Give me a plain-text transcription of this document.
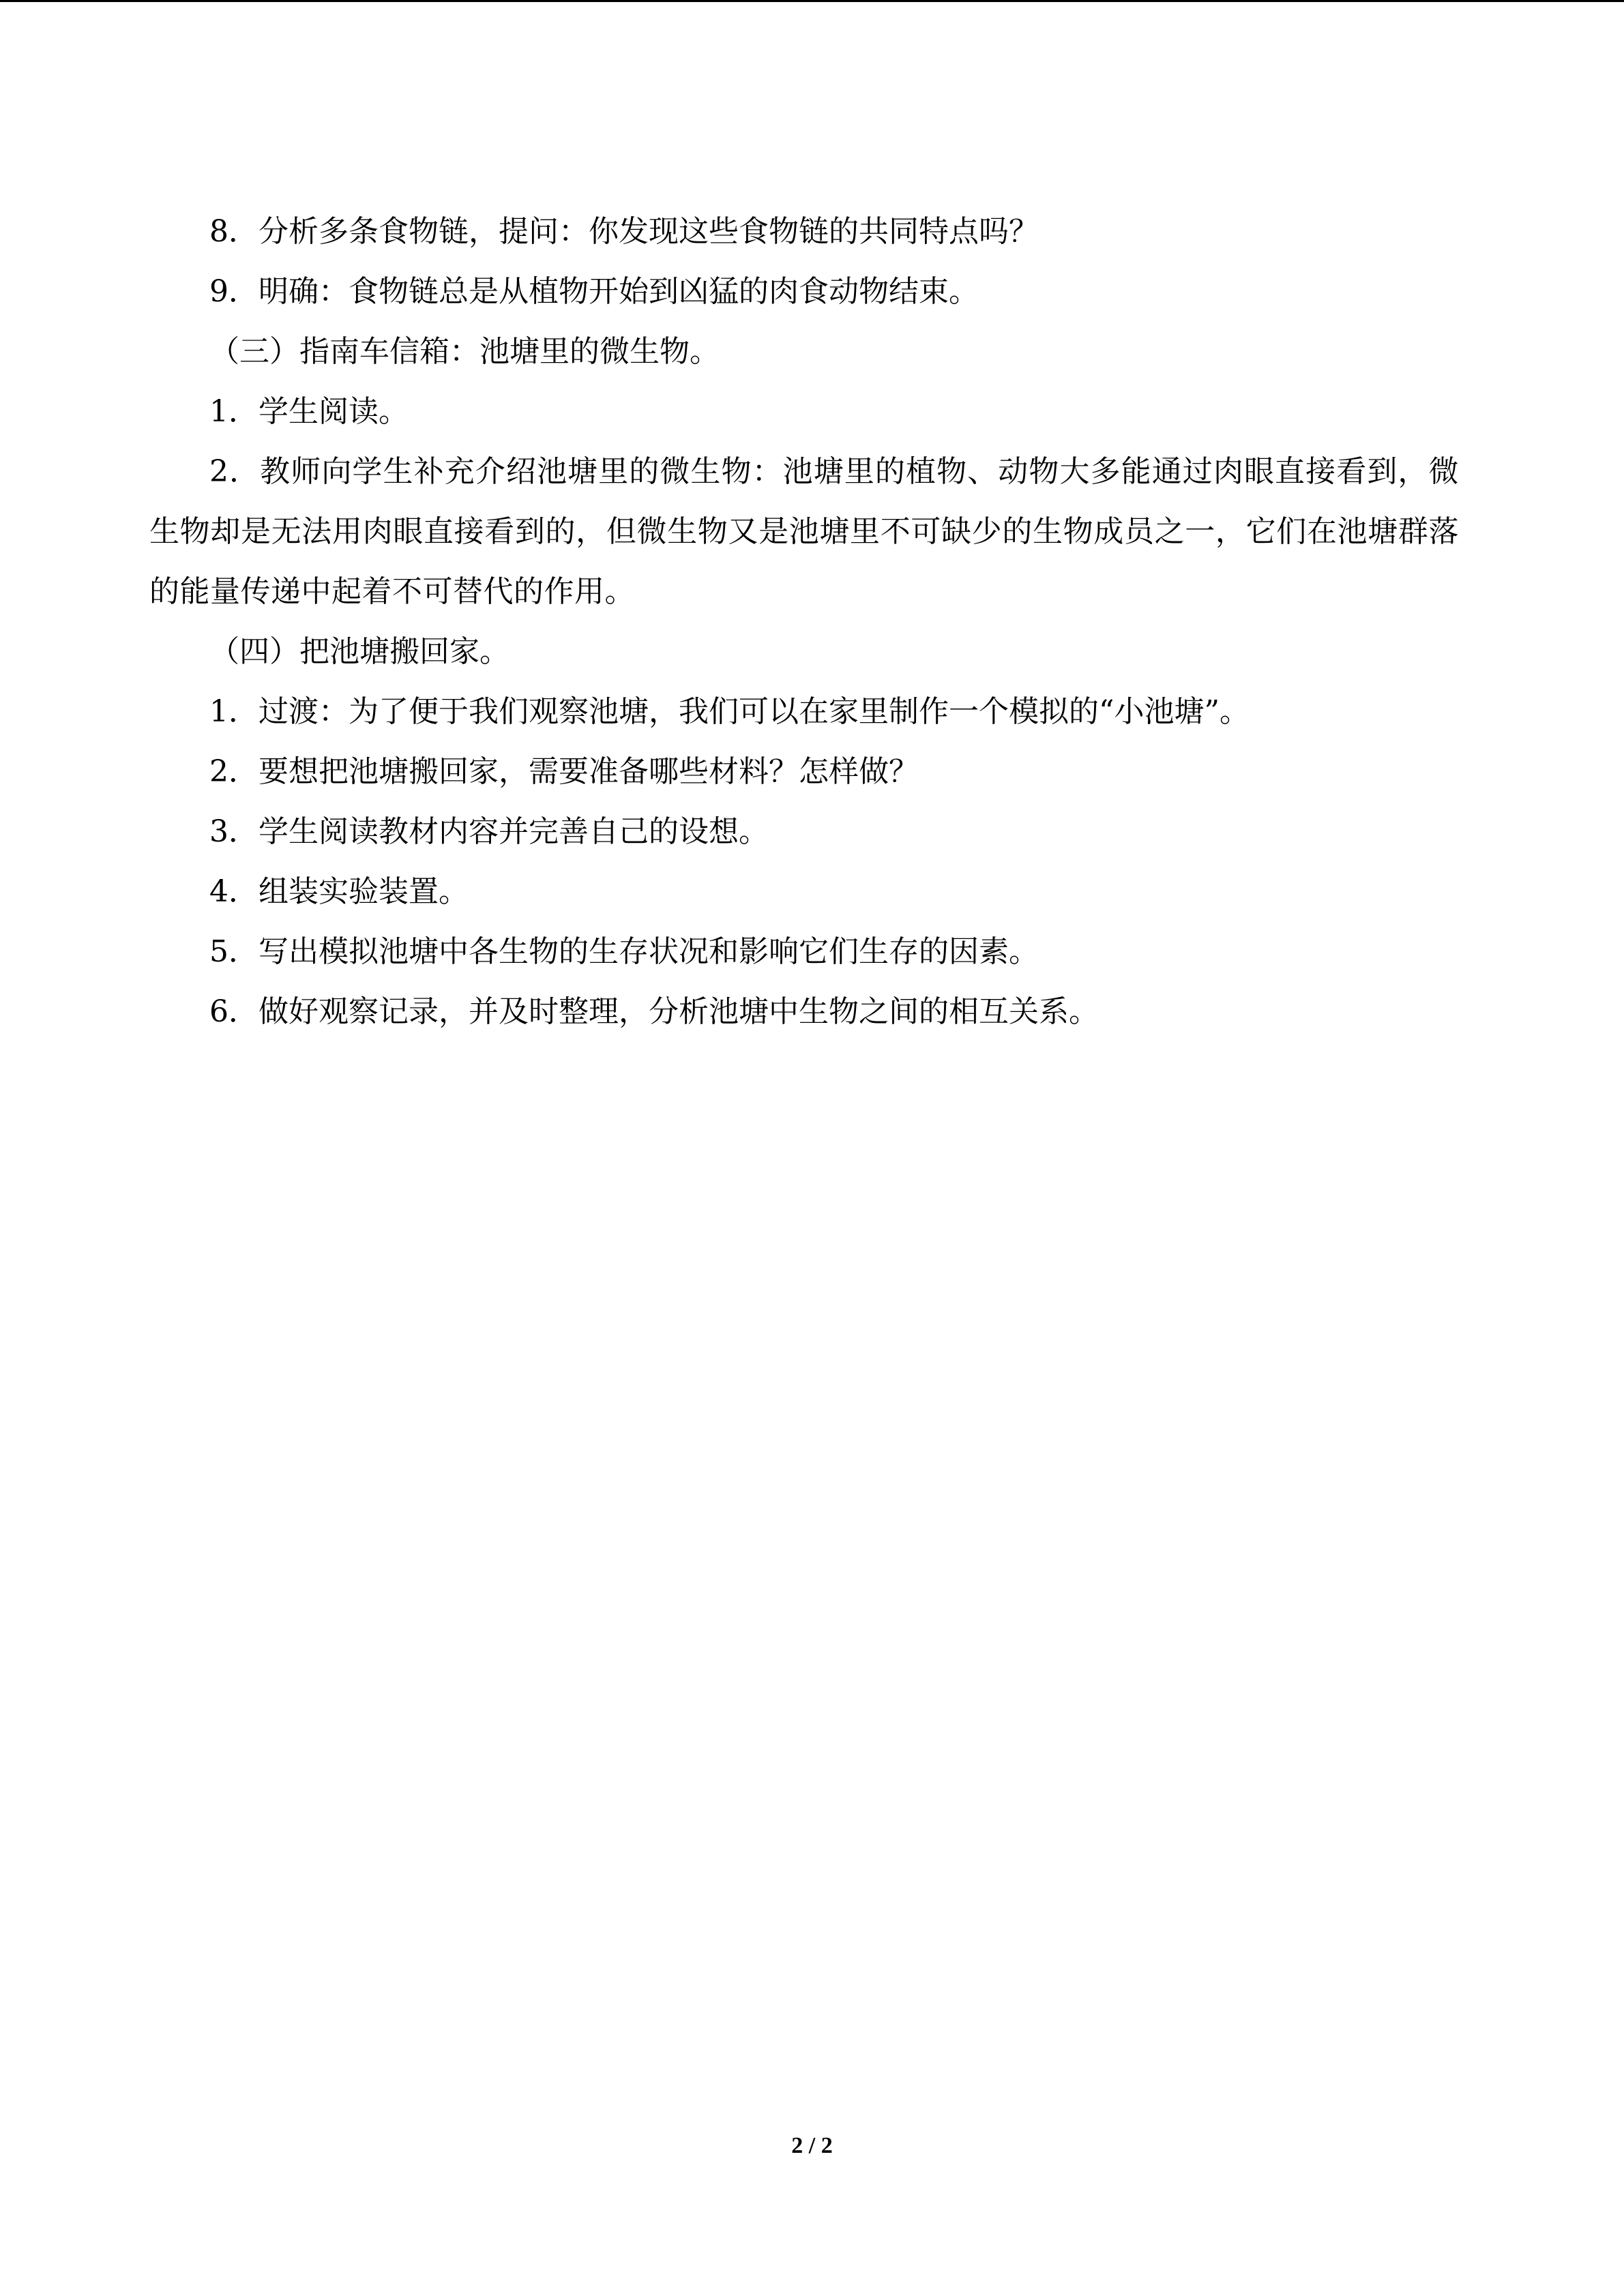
8．分析多条食物链，提问：你发现这些食物链的共同特点吗？

9．明确：食物链总是从植物开始到凶猛的肉食动物结束。

（三）指南车信箱：池塘里的微生物。

1．学生阅读。

2．教师向学生补充介绍池塘里的微生物：池塘里的植物、动物大多能通过肉眼直接看到，微生物却是无法用肉眼直接看到的，但微生物又是池塘里不可缺少的生物成员之一，它们在池塘群落的能量传递中起着不可替代的作用。

（四）把池塘搬回家。

1．过渡：为了便于我们观察池塘，我们可以在家里制作一个模拟的“小池塘”。

2．要想把池塘搬回家，需要准备哪些材料？怎样做？

3．学生阅读教材内容并完善自己的设想。

4．组装实验装置。

5．写出模拟池塘中各生物的生存状况和影响它们生存的因素。

6．做好观察记录，并及时整理，分析池塘中生物之间的相互关系。

2 / 2
